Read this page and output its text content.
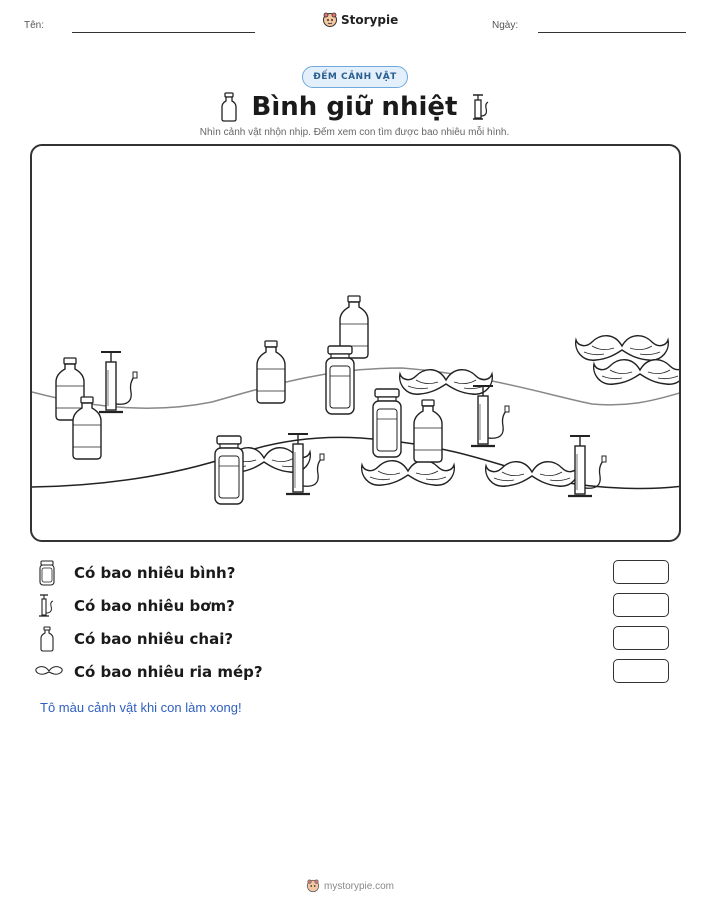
Tên:	Storypie	Ngày:
ĐẾM CẢNH VẬT
Bình giữ nhiệt
Nhìn cảnh vật nhộn nhịp. Đếm xem con tìm được bao nhiêu mỗi hình.
Có bao nhiêu bình?
Có bao nhiêu bơm?
Có bao nhiêu chai?
Có bao nhiêu ria mép?
Tô màu cảnh vật khi con làm xong!
mystorypie.com
